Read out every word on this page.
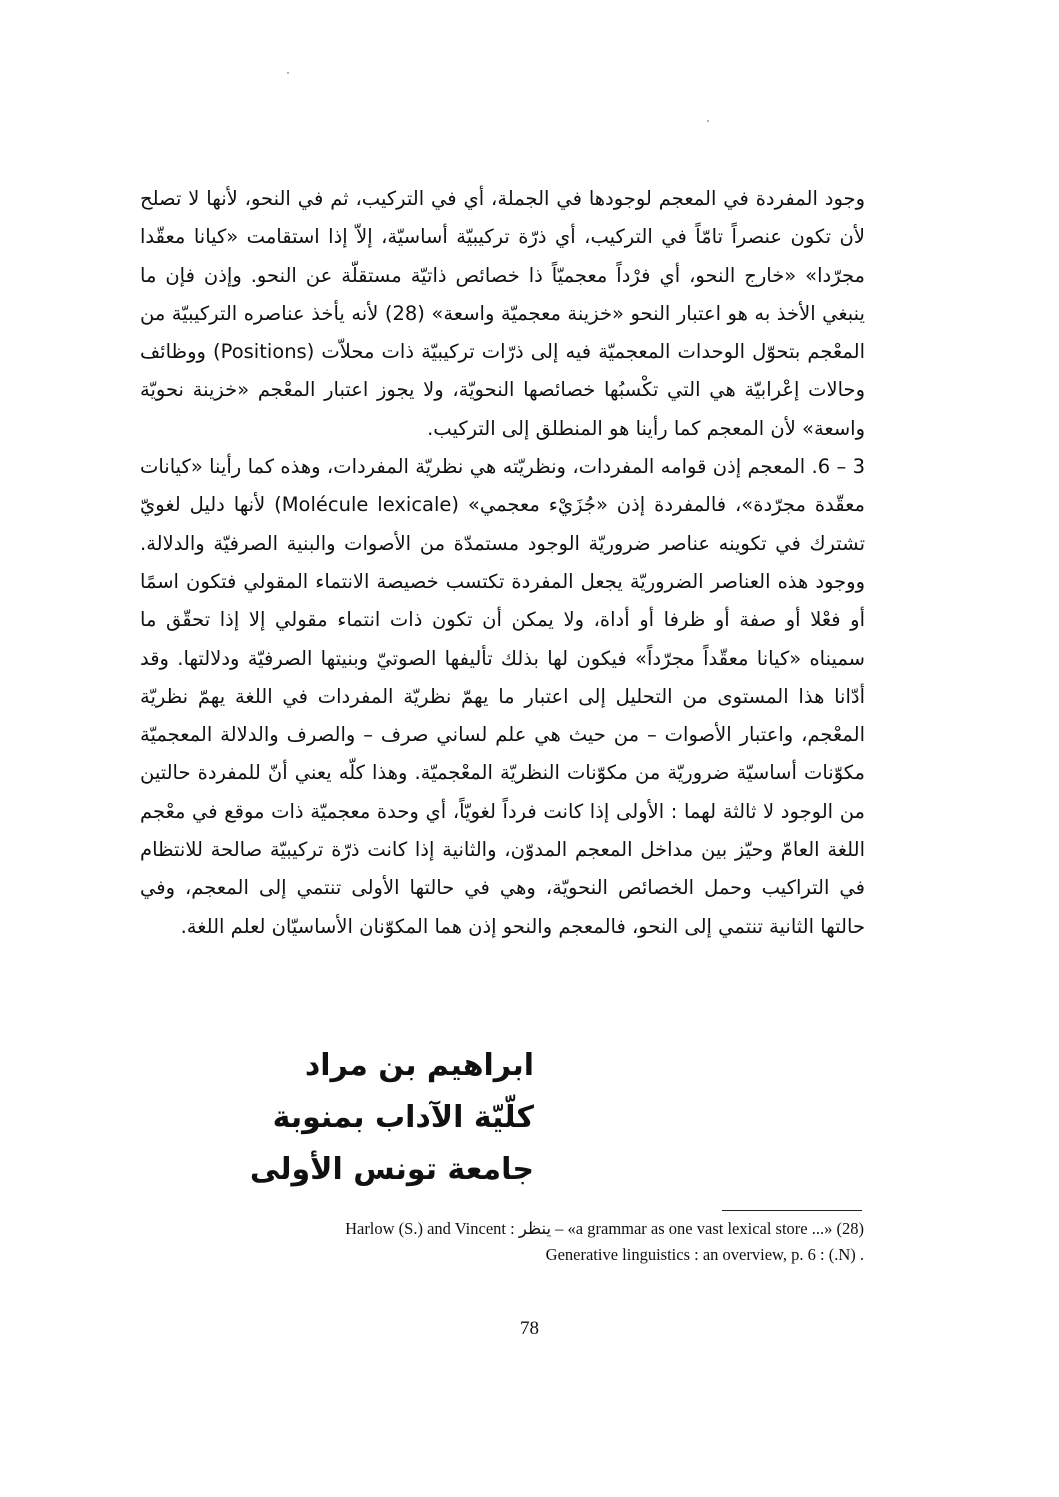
وجود المفردة في المعجم لوجودها في الجملة، أي في التركيب، ثم في النحو، لأنها لا تصلح لأن تكون عنصراً تامّاً في التركيب، أي ذرّة تركيبيّة أساسيّة، إلاّ إذا استقامت «كيانا معقّدا مجرّدا» «خارج النحو، أي فرْداً معجميّاً ذا خصائص ذاتيّة مستقلّة عن النحو. وإذن فإن ما ينبغي الأخذ به هو اعتبار النحو «خزينة معجميّة واسعة» (28) لأنه يأخذ عناصره التركيبيّة من المعْجم بتحوّل الوحدات المعجميّة فيه إلى ذرّات تركيبيّة ذات محلاّت (Positions) ووظائف وحالات إعْرابيّة هي التي تكْسبُها خصائصها النحويّة، ولا يجوز اعتبار المعْجم «خزينة نحويّة واسعة» لأن المعجم كما رأينا هو المنطلق إلى التركيب.

3 – 6. المعجم إذن قوامه المفردات، ونظريّته هي نظريّة المفردات، وهذه كما رأينا «كيانات معقّدة مجرّدة»، فالمفردة إذن «جُزَيْء معجمي» (Molécule lexicale) لأنها دليل لغويّ تشترك في تكوينه عناصر ضروريّة الوجود مستمدّة من الأصوات والبنية الصرفيّة والدلالة. ووجود هذه العناصر الضروريّة يجعل المفردة تكتسب خصيصة الانتماء المقولي فتكون اسمًا أو فعْلا أو صفة أو ظرفا أو أداة، ولا يمكن أن تكون ذات انتماء مقولي إلا إذا تحقّق ما سميناه «كيانا معقّداً مجرّداً» فيكون لها بذلك تأليفها الصوتيّ وبنيتها الصرفيّة ودلالتها. وقد أدّانا هذا المستوى من التحليل إلى اعتبار ما يهمّ نظريّة المفردات في اللغة يهمّ نظريّة المعْجم، واعتبار الأصوات – من حيث هي علم لساني صرف – والصرف والدلالة المعجميّة مكوّنات أساسيّة ضروريّة من مكوّنات النظريّة المعْجميّة. وهذا كلّه يعني أنّ للمفردة حالتين من الوجود لا ثالثة لهما : الأولى إذا كانت فرداً لغويّاً، أي وحدة معجميّة ذات موقع في معْجم اللغة العامّ وحيّز بين مداخل المعجم المدوّن، والثانية إذا كانت ذرّة تركيبيّة صالحة للانتظام في التراكيب وحمل الخصائص النحويّة، وهي في حالتها الأولى تنتمي إلى المعجم، وفي حالتها الثانية تنتمي إلى النحو، فالمعجم والنحو إذن هما المكوّنان الأساسيّان لعلم اللغة.

ابراهيم بن مراد
كلّيّة الآداب بمنوبة
جامعة تونس الأولى
(28) «... a grammar as one vast lexical store» – ينظر : Harlow (S.) and Vincent
. (N.) : Generative linguistics : an overview, p. 6
78
